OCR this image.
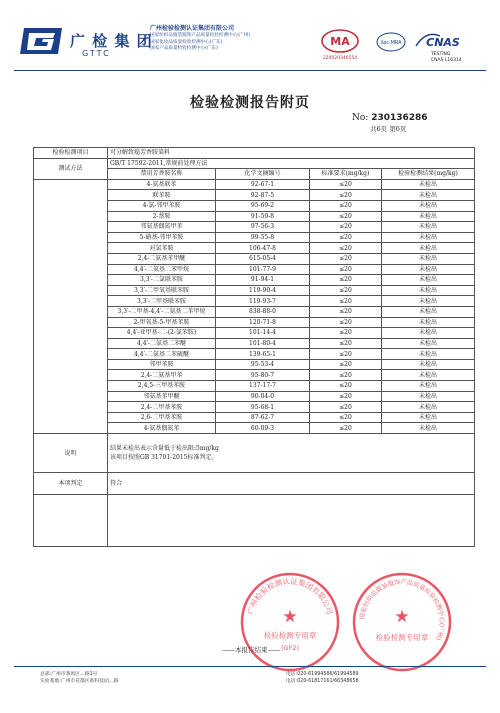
广 检 集 团
GTTC
广州检验检测认证集团有限公司
国家纺织品服装服饰产品质量检验检测中心(广州)
国家化妆品质量检验检测中心(广东)
国家产品质量检验检测中心(广东)
MA
220020346554
ilac·MRA CNAS
TESTING
CNAS L16314
检验检测报告附页
No: 230136286
共6页 第6页
检验检测项目	可分解致癌芳香胺染料			
测试方法	GB/T 17592-2011,常规前处理方法			
	禁用芳香胺名称	化学文摘编号	标准要求(mg/kg)	检验检测结果(mg/kg)
	4-氨基联苯	92-67-1	≤20	未检出
	联苯胺	92-87-5	≤20	未检出
	4-氯-邻甲苯胺	95-69-2	≤20	未检出
	2-萘胺	91-59-8	≤20	未检出
	邻氨基偶氮甲苯	97-56-3	≤20	未检出
	5-硝基-邻甲苯胺	99-55-8	≤20	未检出
	对氯苯胺	106-47-8	≤20	未检出
	2,4-二氨基苯甲醚	615-05-4	≤20	未检出
	4,4′-二氨基二苯甲烷	101-77-9	≤20	未检出
	3,3′-二氯联苯胺	91-94-1	≤20	未检出
	3,3′-二甲氧基联苯胺	119-90-4	≤20	未检出
	3,3′-二甲基联苯胺	119-93-7	≤20	未检出
	3,3′-二甲基-4,4′-二氨基二苯甲烷	838-88-0	≤20	未检出
	2-甲氧基-5-甲基苯胺	120-71-8	≤20	未检出
	4,4′-亚甲基-二-(2-氯苯胺)	101-14-4	≤20	未检出
	4,4′-二氨基二苯醚	101-80-4	≤20	未检出
	4,4′-二氨基二苯硫醚	139-65-1	≤20	未检出
	邻甲苯胺	95-53-4	≤20	未检出
	2,4-二氨基甲苯	95-80-7	≤20	未检出
	2,4,5-三甲基苯胺	137-17-7	≤20	未检出
	邻氨基苯甲醚	90-04-0	≤20	未检出
	2,4-二甲基苯胺	95-68-1	≤20	未检出
	2,6-二甲基苯胺	87-62-7	≤20	未检出
	4-氨基偶氮苯	60-09-3	≤20	未检出
说明	结果未检出表示含量低于检出限:5mg/kg
该项目按照GB 31701-2015标准判定。			

本项判定	符合			

广州检验检测认证集团有限公司
★
检验检测专用章
(GF2)
国家纺织品服装服饰产品质量检验检测中心(广州)
★
检验检测专用章
——本报告结束——
总部:广州市番禺区…路1号
实验基地:广州市花都区新科技园…路
电话:020-61994586/61994589
电话:020-61817161/66348658
